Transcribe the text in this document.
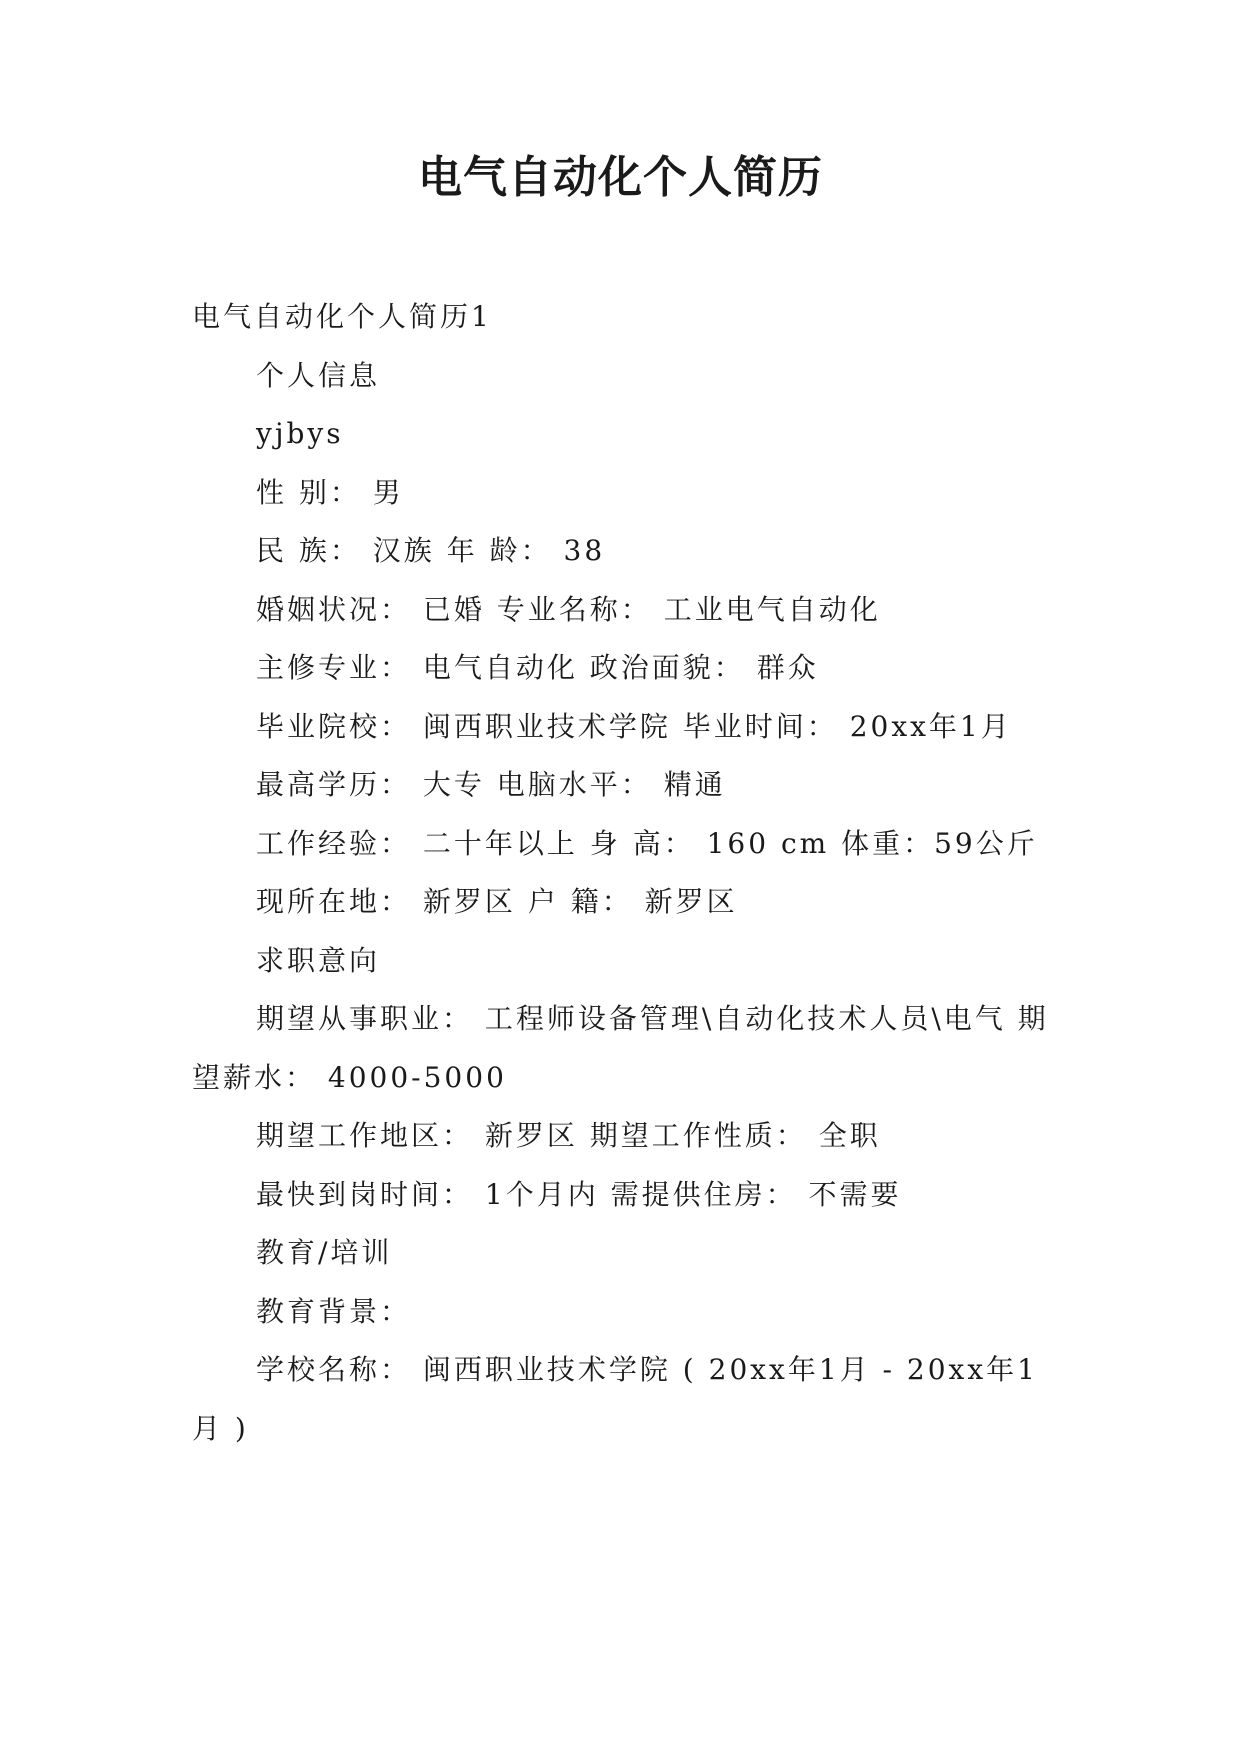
电气自动化个人简历

电气自动化个人简历1

个人信息

yjbys

性 别： 男

民 族： 汉族 年 龄： 38

婚姻状况： 已婚 专业名称： 工业电气自动化

主修专业： 电气自动化 政治面貌： 群众

毕业院校： 闽西职业技术学院 毕业时间： 20xx年1月

最高学历： 大专 电脑水平： 精通

工作经验： 二十年以上 身 高： 160 cm 体重：59公斤

现所在地： 新罗区 户 籍： 新罗区

求职意向

期望从事职业： 工程师设备管理\自动化技术人员\电气 期望薪水： 4000-5000

期望工作地区： 新罗区 期望工作性质： 全职

最快到岗时间： 1个月内 需提供住房： 不需要

教育/培训

教育背景：

学校名称： 闽西职业技术学院 ( 20xx年1月 - 20xx年1月 )
